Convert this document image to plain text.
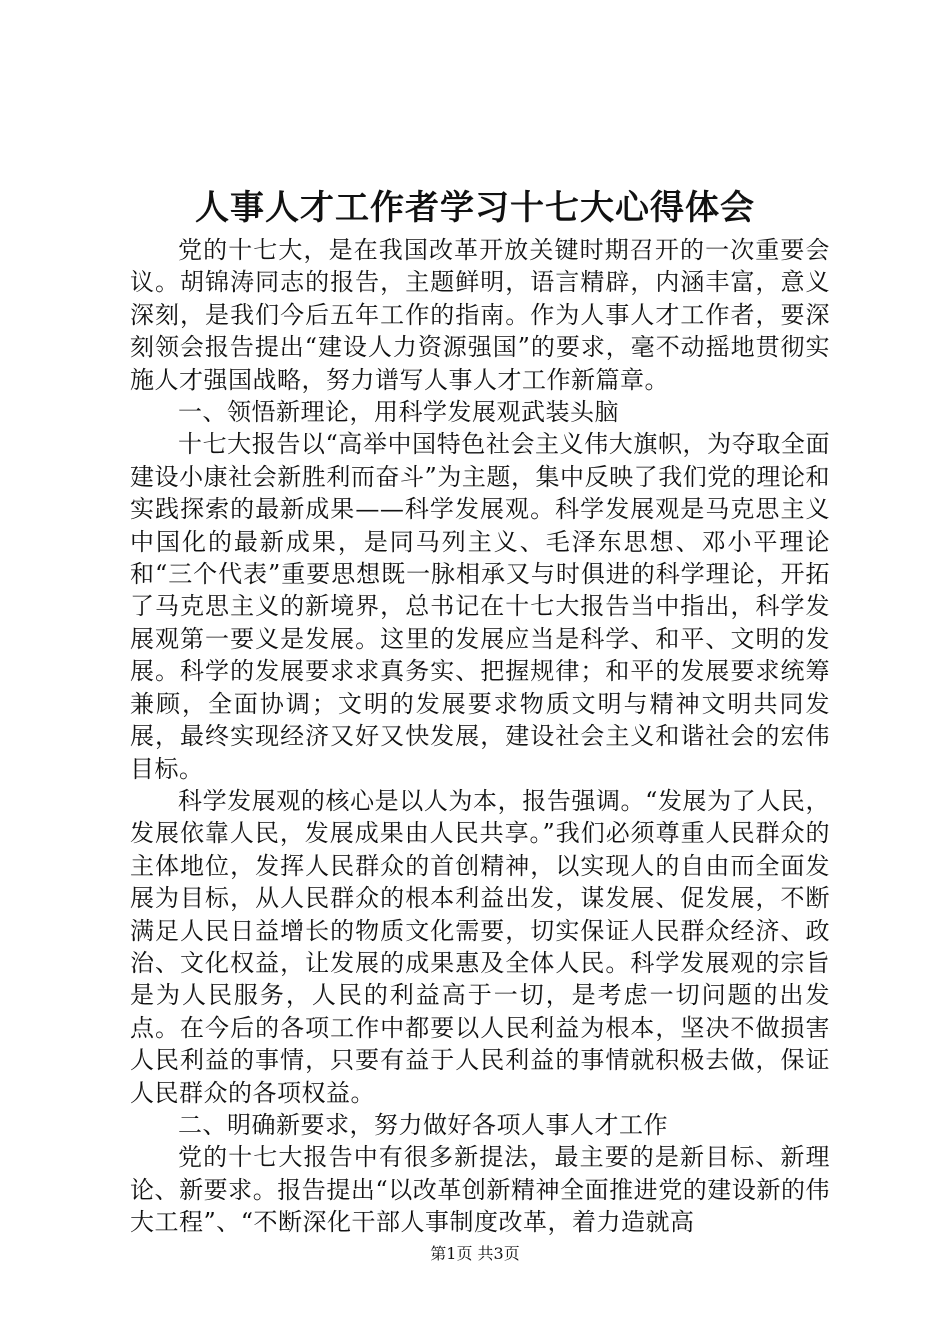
人事人才工作者学习十七大心得体会

党的十七大，是在我国改革开放关键时期召开的一次重要会议。胡锦涛同志的报告，主题鲜明，语言精辟，内涵丰富，意义深刻，是我们今后五年工作的指南。作为人事人才工作者，要深刻领会报告提出“建设人力资源强国”的要求，毫不动摇地贯彻实施人才强国战略，努力谱写人事人才工作新篇章。

一、领悟新理论，用科学发展观武装头脑

十七大报告以“高举中国特色社会主义伟大旗帜，为夺取全面建设小康社会新胜利而奋斗”为主题，集中反映了我们党的理论和实践探索的最新成果——科学发展观。科学发展观是马克思主义中国化的最新成果，是同马列主义、毛泽东思想、邓小平理论和“三个代表”重要思想既一脉相承又与时俱进的科学理论，开拓了马克思主义的新境界，总书记在十七大报告当中指出，科学发展观第一要义是发展。这里的发展应当是科学、和平、文明的发展。科学的发展要求求真务实、把握规律；和平的发展要求统筹兼顾，全面协调；文明的发展要求物质文明与精神文明共同发展，最终实现经济又好又快发展，建设社会主义和谐社会的宏伟目标。

科学发展观的核心是以人为本，报告强调。“发展为了人民，发展依靠人民，发展成果由人民共享。”我们必须尊重人民群众的主体地位，发挥人民群众的首创精神，以实现人的自由而全面发展为目标，从人民群众的根本利益出发，谋发展、促发展，不断满足人民日益增长的物质文化需要，切实保证人民群众经济、政治、文化权益，让发展的成果惠及全体人民。科学发展观的宗旨是为人民服务，人民的利益高于一切，是考虑一切问题的出发点。在今后的各项工作中都要以人民利益为根本，坚决不做损害人民利益的事情，只要有益于人民利益的事情就积极去做，保证人民群众的各项权益。

二、明确新要求，努力做好各项人事人才工作

党的十七大报告中有很多新提法，最主要的是新目标、新理论、新要求。报告提出“以改革创新精神全面推进党的建设新的伟大工程”、“不断深化干部人事制度改革，着力造就高

第1页 共3页
